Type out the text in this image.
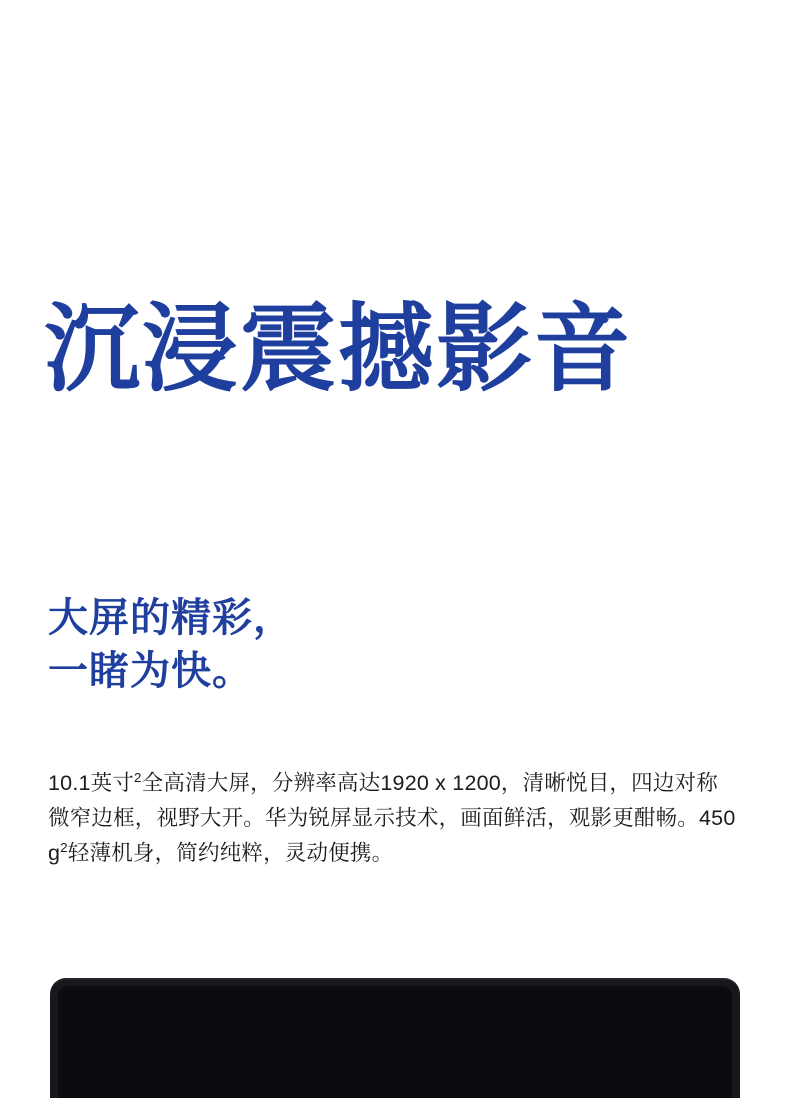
沉浸震撼影音
大屏的精彩，
一睹为快。

10.1英寸$^2$全高清大屏，分辨率高达1920 x 1200，清晰悦目，四边对称微窄边框，视野大开。华为锐屏显示技术，画面鲜活，观影更酣畅。450 $g^2$轻薄机身，简约纯粹，灵动便携。
